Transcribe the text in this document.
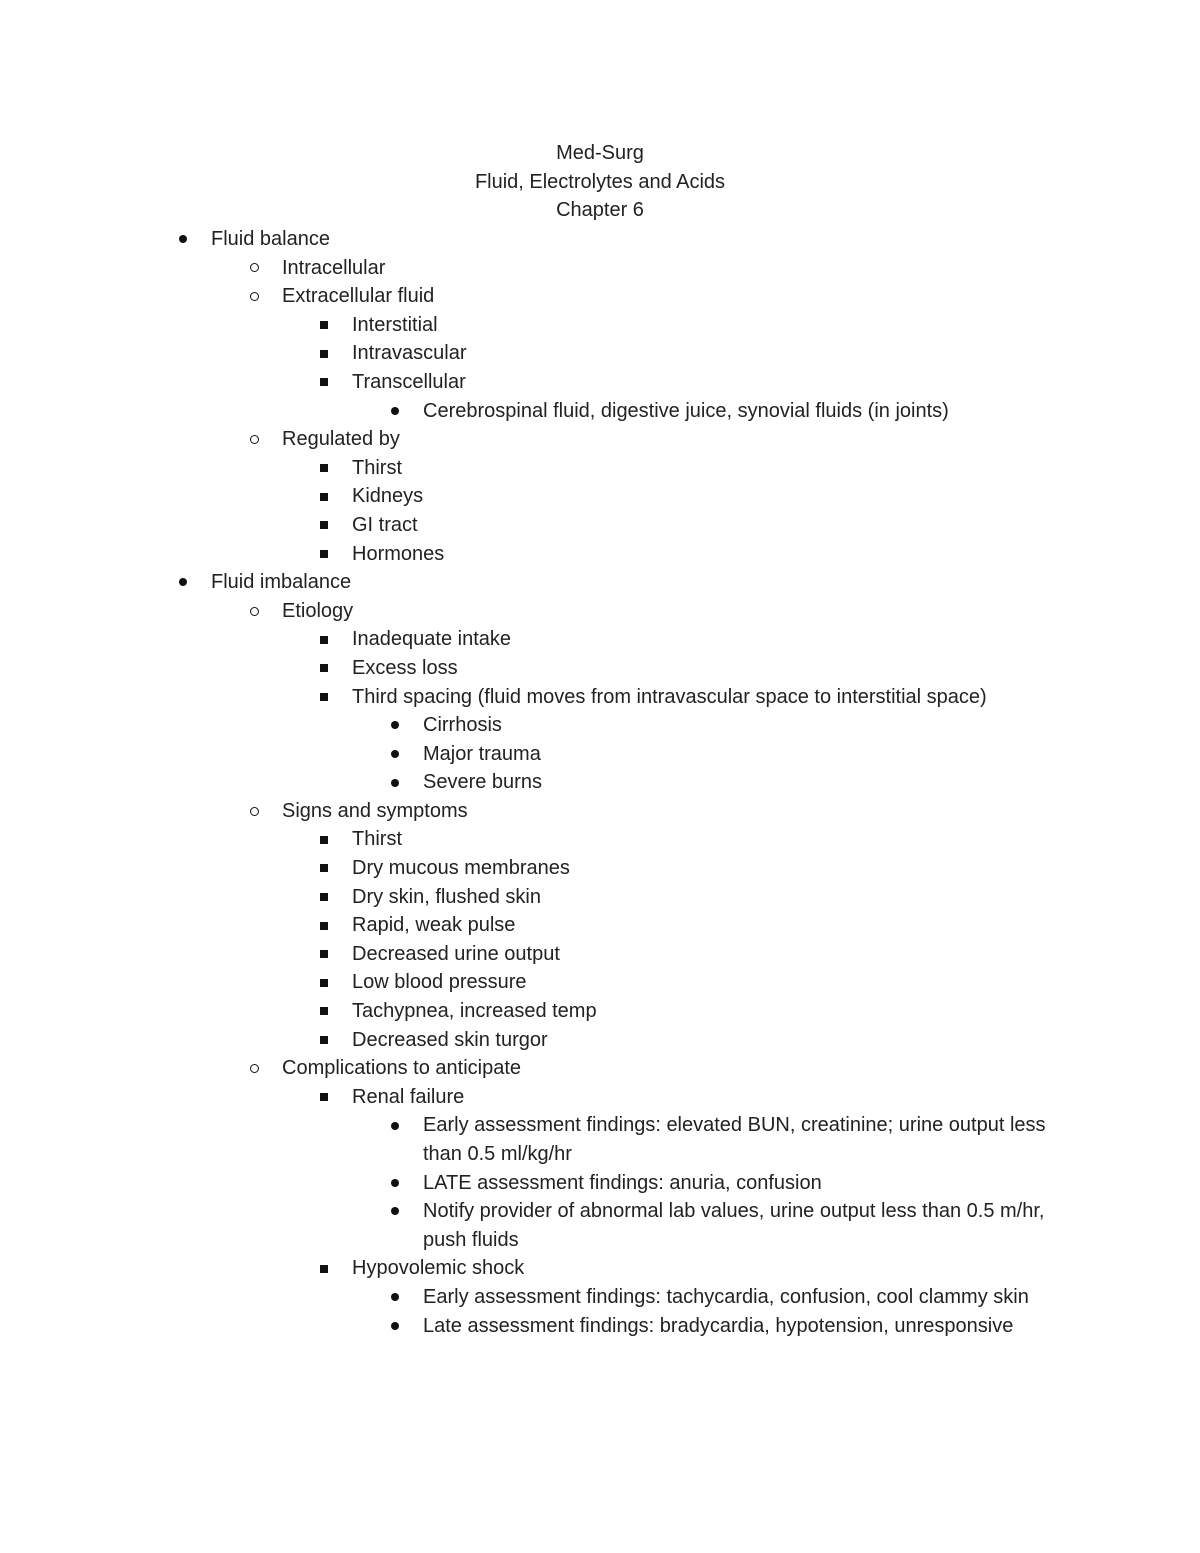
Med-Surg
Fluid, Electrolytes and Acids
Chapter 6
Fluid balance
Intracellular
Extracellular fluid
Interstitial
Intravascular
Transcellular
Cerebrospinal fluid, digestive juice, synovial fluids (in joints)
Regulated by
Thirst
Kidneys
GI tract
Hormones
Fluid imbalance
Etiology
Inadequate intake
Excess loss
Third spacing (fluid moves from intravascular space to interstitial space)
Cirrhosis
Major trauma
Severe burns
Signs and symptoms
Thirst
Dry mucous membranes
Dry skin, flushed skin
Rapid, weak pulse
Decreased urine output
Low blood pressure
Tachypnea, increased temp
Decreased skin turgor
Complications to anticipate
Renal failure
Early assessment findings: elevated BUN, creatinine; urine output less than 0.5 ml/kg/hr
LATE assessment findings: anuria, confusion
Notify provider of abnormal lab values, urine output less than 0.5 m/hr, push fluids
Hypovolemic shock
Early assessment findings: tachycardia, confusion, cool clammy skin
Late assessment findings: bradycardia, hypotension, unresponsive
